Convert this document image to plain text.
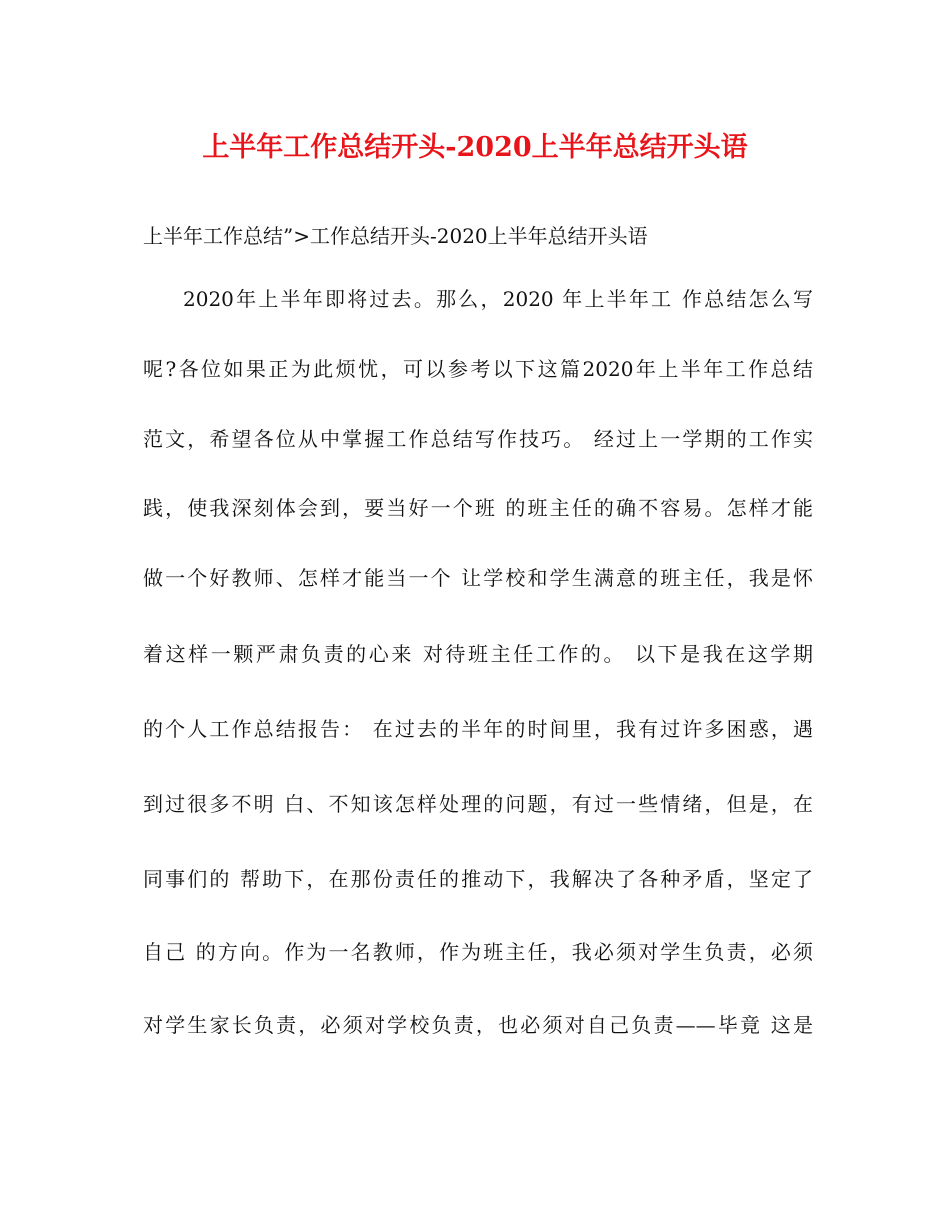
上半年工作总结开头-2020上半年总结开头语
上半年工作总结”>工作总结开头-2020上半年总结开头语
2020年上半年即将过去。那么，2020 年上半年工 作总结怎么写
呢?各位如果正为此烦忧，可以参考以下这篇2020年上半年工作总结
范文，希望各位从中掌握工作总结写作技巧。 经过上一学期的工作实
践，使我深刻体会到，要当好一个班 的班主任的确不容易。怎样才能
做一个好教师、怎样才能当一个 让学校和学生满意的班主任，我是怀
着这样一颗严肃负责的心来 对待班主任工作的。 以下是我在这学期
的个人工作总结报告： 在过去的半年的时间里，我有过许多困惑，遇
到过很多不明 白、不知该怎样处理的问题，有过一些情绪，但是，在
同事们的 帮助下，在那份责任的推动下，我解决了各种矛盾，坚定了
自己 的方向。作为一名教师，作为班主任，我必须对学生负责，必须
对学生家长负责，必须对学校负责，也必须对自己负责——毕竟 这是
